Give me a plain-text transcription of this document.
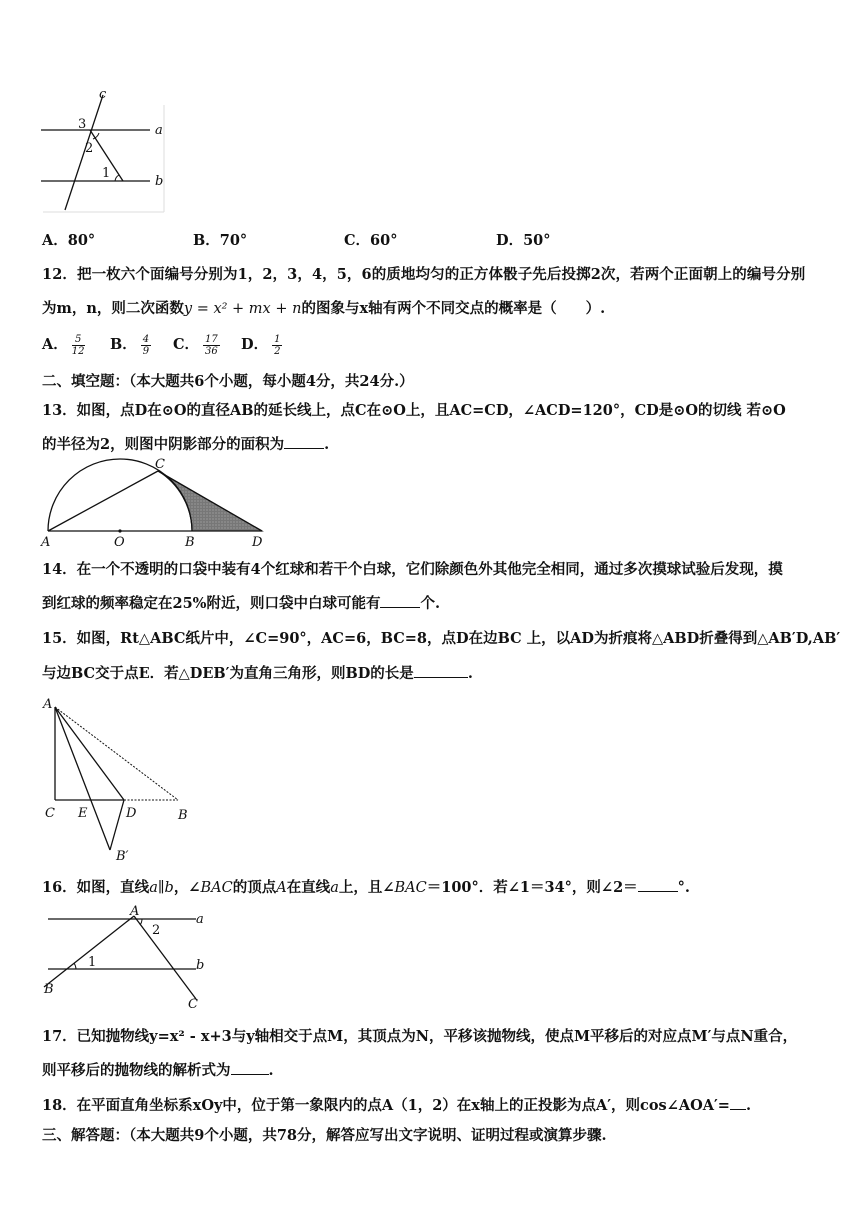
c
a
b
1
2
3
A．80°	B．70°	C．60°	D．50°
12．把一枚六个面编号分别为1，2，3，4，5，6的质地均匀的正方体骰子先后投掷2次，若两个正面朝上的编号分别
为m，n，则二次函数y = x² + mx + n的图象与x轴有两个不同交点的概率是（　　）.
A． $\frac{5}{12}$ B． $\frac{4}{9}$ C． $\frac{17}{36}$ D． $\frac{1}{2}$
二、填空题：（本大题共6个小题，每小题4分，共24分.）
13．如图，点D在⊙O的直径AB的延长线上，点C在⊙O上，且AC=CD，∠ACD=120°，CD是⊙O的切线 若⊙O
的半径为2，则图中阴影部分的面积为	.
A	O	B
C
D
14．在一个不透明的口袋中装有4个红球和若干个白球，它们除颜色外其他完全相同，通过多次摸球试验后发现，摸
到红球的频率稳定在25%附近，则口袋中白球可能有	个.
15．如图，Rt△ABC纸片中，∠C=90°，AC=6，BC=8，点D在边BC 上，以AD为折痕将△ABD折叠得到△AB′D,AB′
与边BC交于点E．若△DEB′为直角三角形，则BD的长是	.
A
C E	D	B
B′
16．如图，直线a∥b，∠BAC的顶点A在直线a上，且∠BAC＝100°．若∠1＝34°，则∠2＝	°.
A
a
b
1
2
B
C
17．已知抛物线y=x² - x+3与y轴相交于点M，其顶点为N，平移该抛物线，使点M平移后的对应点M′与点N重合，
则平移后的抛物线的解析式为	.
18．在平面直角坐标系xOy中，位于第一象限内的点A（1，2）在x轴上的正投影为点A′，则cos∠AOA′= .
三、解答题：（本大题共9个小题，共78分，解答应写出文字说明、证明过程或演算步骤.
